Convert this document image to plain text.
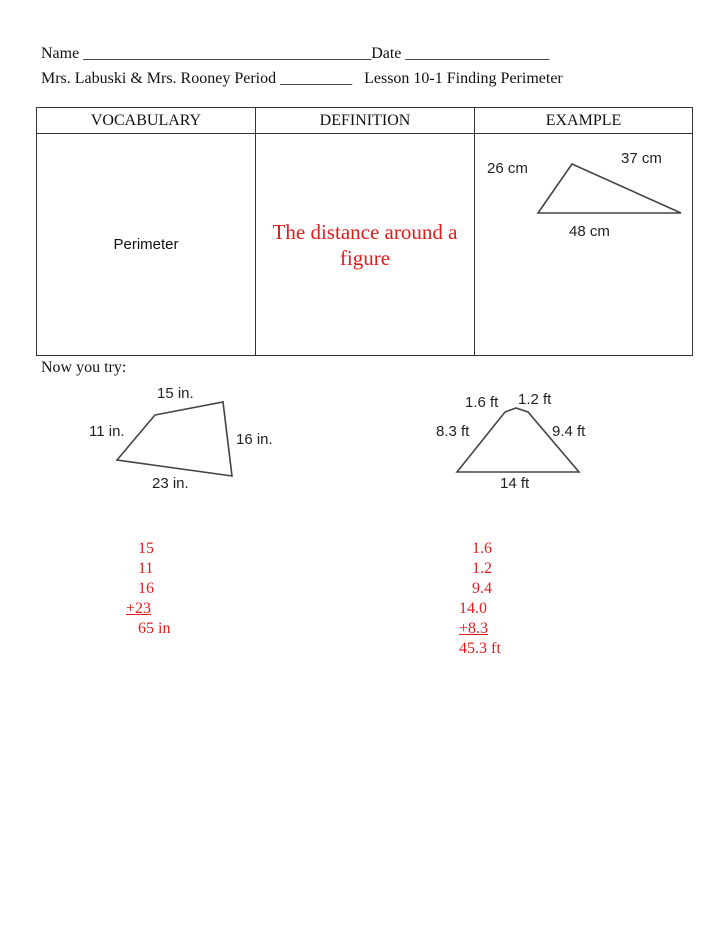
Name ____________________________________Date __________________
Mrs. Labuski & Mrs. Rooney Period _________   Lesson 10-1 Finding Perimeter
VOCABULARY	DEFINITION	EXAMPLE
Perimeter	The distance around a figure	26 cm
37 cm
48 cm
Now you try:
15 in.
11 in.	16 in.
23 in.
1.6 ft 1.2 ft
8.3 ft	9.4 ft
14 ft
15
11
16
+23
65 in
1.6
1.2
9.4
14.0
+8.3
45.3 ft
